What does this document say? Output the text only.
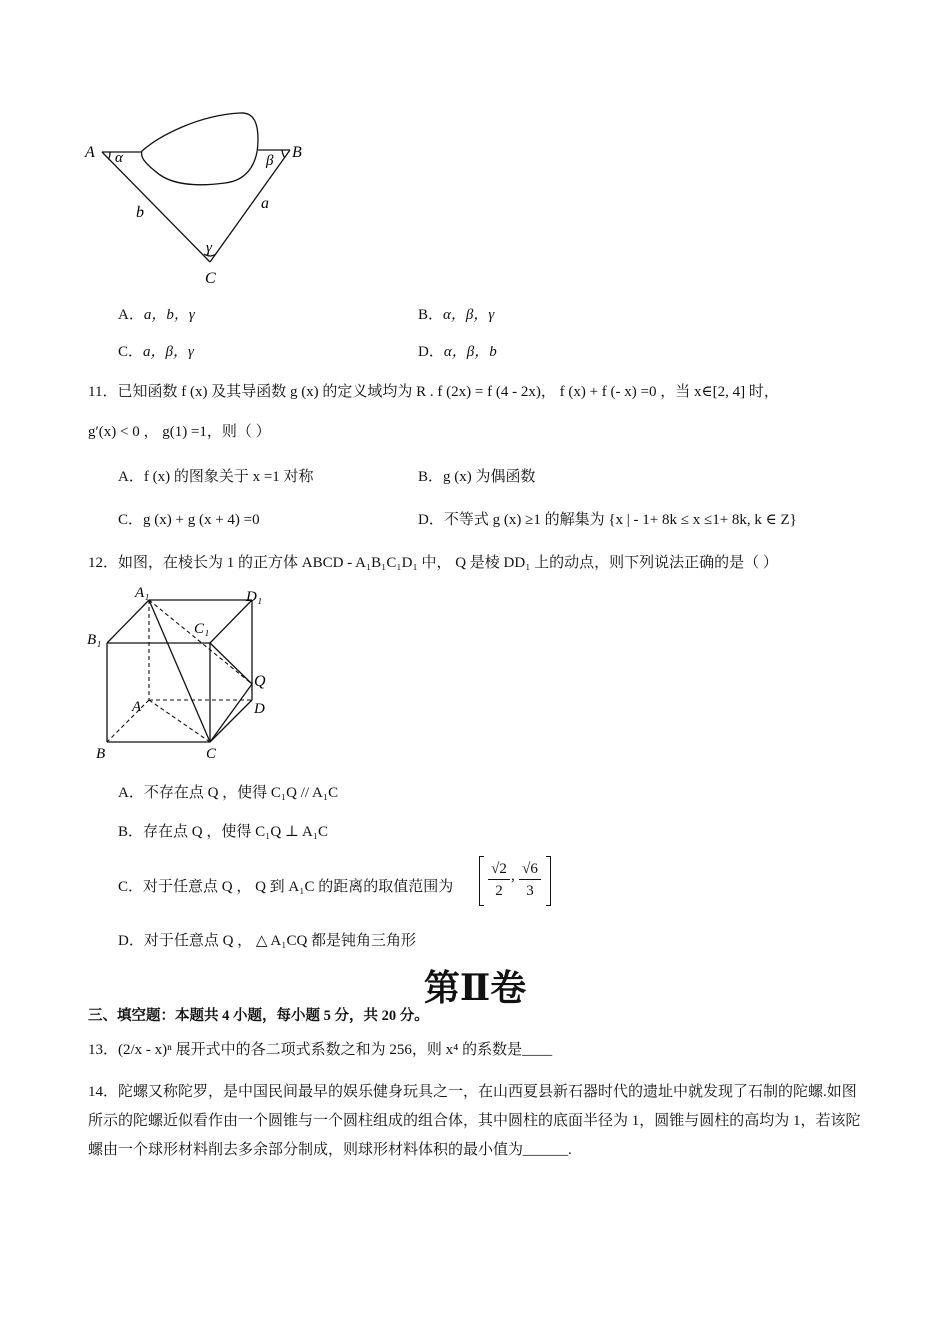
A	B
C
α	β
γ
b
a
A．a，b，γ	B．α，β，γ
C．a，β，γ	D．α，β，b
11．已知函数 f (x) 及其导函数 g (x) 的定义域均为 R . f (2x) = f (4 - 2x)， f (x) + f (- x) =0 ，当 x∈[2, 4] 时，
g′(x) < 0 ， g(1) =1，则（ ）
A．f (x) 的图象关于 x =1 对称	B．g (x) 为偶函数
C．g (x) + g (x + 4) =0	D．不等式 g (x) ≥1 的解集为 {x | - 1+ 8k ≤ x ≤1+ 8k, k ∈ Z}
12．如图，在棱长为 1 的正方体 ABCD - A₁B₁C₁D₁ 中， Q 是棱 DD₁ 上的动点，则下列说法正确的是（ ）
A₁	D₁
B₁
C₁
Q
A	D
B	C
A．不存在点 Q ，使得 C₁Q // A₁C
B．存在点 Q ，使得 C₁Q ⊥ A₁C
C．对于任意点 Q ， Q 到 A₁C 的距离的取值范围为 $\frac{√2}{2}$ , $\frac{√6}{3}$
D．对于任意点 Q ， △ A₁CQ 都是钝角三角形
第Ⅱ卷
三、填空题：本题共 4 小题，每小题 5 分，共 20 分。
13．(2/x - x)ⁿ 展开式中的各二项式系数之和为 256，则 x⁴ 的系数是____
14．陀螺又称陀罗，是中国民间最早的娱乐健身玩具之一，在山西夏县新石器时代的遗址中就发现了石制的陀螺.如图所示的陀螺近似看作由一个圆锥与一个圆柱组成的组合体，其中圆柱的底面半径为 1，圆锥与圆柱的高均为 1，若该陀螺由一个球形材料削去多余部分制成，则球形材料体积的最小值为______.
